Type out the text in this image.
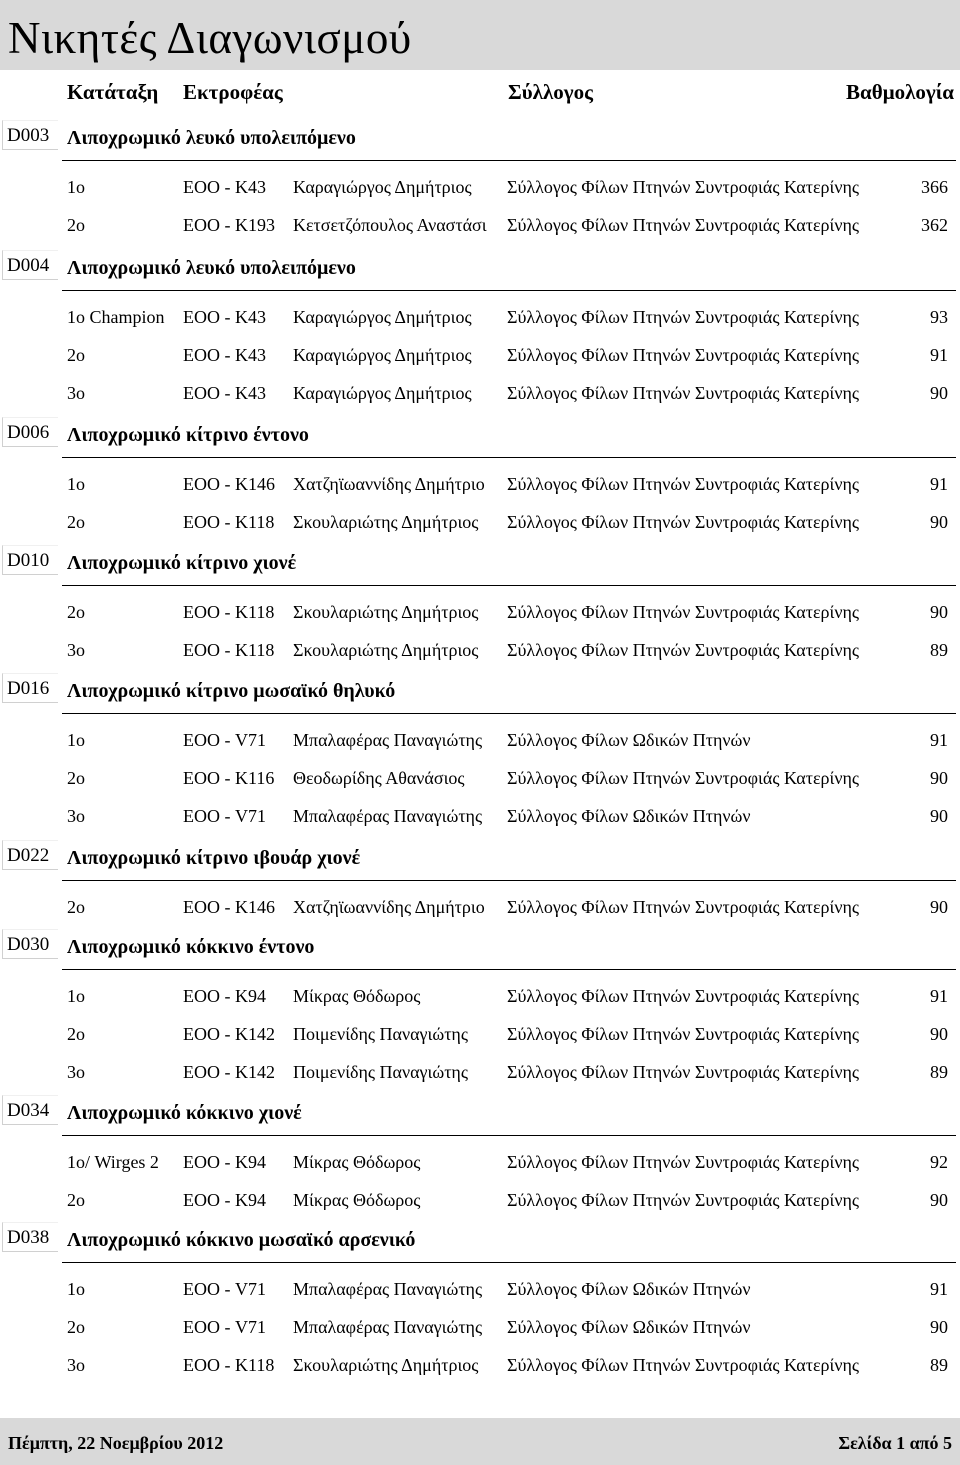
Νικητές Διαγωνισμού
Κατάταξη Εκτροφέας	Σύλλογος	Βαθμολογία
D003 Λιποχρωμικό λευκό υπολειπόμενο
1ο	ΕΟΟ - Κ43	Καραγιώργος Δημήτριος	Σύλλογος Φίλων Πτηνών Συντροφιάς Κατερίνης	366
2ο	ΕΟΟ - Κ193	Κετσετζόπουλος Αναστάσι	Σύλλογος Φίλων Πτηνών Συντροφιάς Κατερίνης	362
D004 Λιποχρωμικό λευκό υπολειπόμενο
1ο Champion	ΕΟΟ - Κ43	Καραγιώργος Δημήτριος	Σύλλογος Φίλων Πτηνών Συντροφιάς Κατερίνης	93
2ο	ΕΟΟ - Κ43	Καραγιώργος Δημήτριος	Σύλλογος Φίλων Πτηνών Συντροφιάς Κατερίνης	91
3ο	ΕΟΟ - Κ43	Καραγιώργος Δημήτριος	Σύλλογος Φίλων Πτηνών Συντροφιάς Κατερίνης	90
D006 Λιποχρωμικό κίτρινο έντονο
1ο	ΕΟΟ - Κ146	Χατζηϊωαννίδης Δημήτριο	Σύλλογος Φίλων Πτηνών Συντροφιάς Κατερίνης	91
2ο	ΕΟΟ - Κ118	Σκουλαριώτης Δημήτριος	Σύλλογος Φίλων Πτηνών Συντροφιάς Κατερίνης	90
D010 Λιποχρωμικό κίτρινο χιονέ
2ο	ΕΟΟ - Κ118	Σκουλαριώτης Δημήτριος	Σύλλογος Φίλων Πτηνών Συντροφιάς Κατερίνης	90
3ο	ΕΟΟ - Κ118	Σκουλαριώτης Δημήτριος	Σύλλογος Φίλων Πτηνών Συντροφιάς Κατερίνης	89
D016 Λιποχρωμικό κίτρινο μωσαϊκό θηλυκό
1ο	ΕΟΟ - V71	Μπαλαφέρας Παναγιώτης	Σύλλογος Φίλων Ωδικών Πτηνών	91
2ο	ΕΟΟ - Κ116	Θεοδωρίδης Αθανάσιος	Σύλλογος Φίλων Πτηνών Συντροφιάς Κατερίνης	90
3ο	ΕΟΟ - V71	Μπαλαφέρας Παναγιώτης	Σύλλογος Φίλων Ωδικών Πτηνών	90
D022 Λιποχρωμικό κίτρινο ιβουάρ χιονέ
2ο	ΕΟΟ - Κ146	Χατζηϊωαννίδης Δημήτριο	Σύλλογος Φίλων Πτηνών Συντροφιάς Κατερίνης	90
D030 Λιποχρωμικό κόκκινο έντονο
1ο	ΕΟΟ - Κ94	Μίκρας Θόδωρος	Σύλλογος Φίλων Πτηνών Συντροφιάς Κατερίνης	91
2ο	ΕΟΟ - Κ142	Ποιμενίδης Παναγιώτης	Σύλλογος Φίλων Πτηνών Συντροφιάς Κατερίνης	90
3ο	ΕΟΟ - Κ142	Ποιμενίδης Παναγιώτης	Σύλλογος Φίλων Πτηνών Συντροφιάς Κατερίνης	89
D034 Λιποχρωμικό κόκκινο χιονέ
1ο/ Wirges 2	ΕΟΟ - Κ94	Μίκρας Θόδωρος	Σύλλογος Φίλων Πτηνών Συντροφιάς Κατερίνης	92
2ο	ΕΟΟ - Κ94	Μίκρας Θόδωρος	Σύλλογος Φίλων Πτηνών Συντροφιάς Κατερίνης	90
D038 Λιποχρωμικό κόκκινο μωσαϊκό αρσενικό
1ο	ΕΟΟ - V71	Μπαλαφέρας Παναγιώτης	Σύλλογος Φίλων Ωδικών Πτηνών	91
2ο	ΕΟΟ - V71	Μπαλαφέρας Παναγιώτης	Σύλλογος Φίλων Ωδικών Πτηνών	90
3ο	ΕΟΟ - Κ118	Σκουλαριώτης Δημήτριος	Σύλλογος Φίλων Πτηνών Συντροφιάς Κατερίνης	89
Πέμπτη, 22 Νοεμβρίου 2012	Σελίδα 1 από 5
